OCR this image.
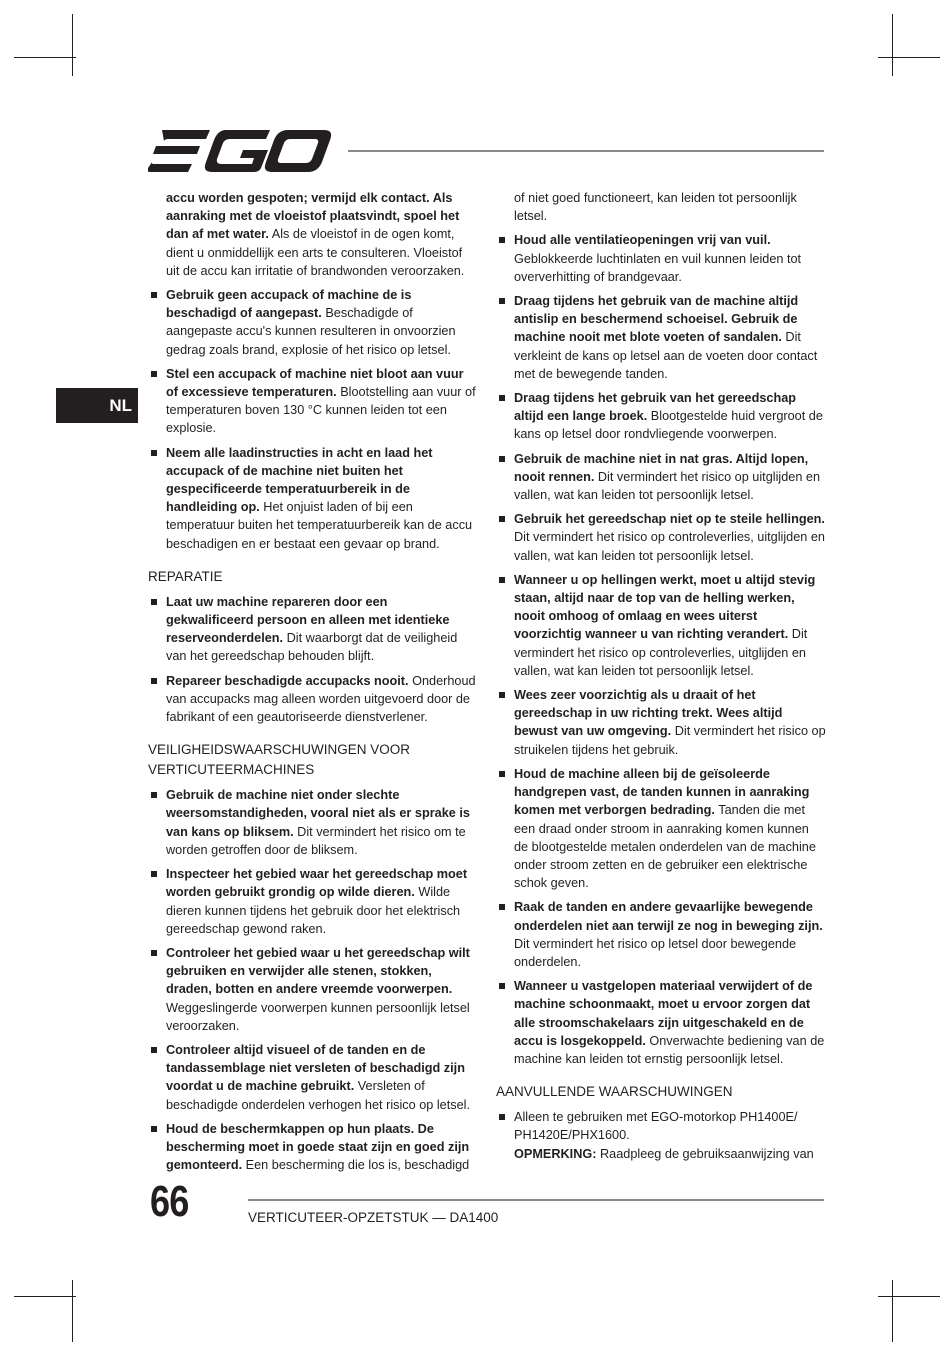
NL

accu worden gespoten; vermijd elk contact. Als aanraking met de vloeistof plaatsvindt, spoel het dan af met water. Als de vloeistof in de ogen komt, dient u onmiddellijk een arts te consulteren. Vloeistof uit de accu kan irritatie of brandwonden veroorzaken.

Gebruik geen accupack of machine de is beschadigd of aangepast. Beschadigde of aangepaste accu's kunnen resulteren in onvoorzien gedrag zoals brand, explosie of het risico op letsel.
Stel een accupack of machine niet bloot aan vuur of excessieve temperaturen. Blootstelling aan vuur of temperaturen boven 130 °C kunnen leiden tot een explosie.
Neem alle laadinstructies in acht en laad het accupack of de machine niet buiten het gespecificeerde temperatuurbereik in de handleiding op. Het onjuist laden of bij een temperatuur buiten het temperatuurbereik kan de accu beschadigen en er bestaat een gevaar op brand.
REPARATIE
Laat uw machine repareren door een gekwalificeerd persoon en alleen met identieke reserveonderdelen. Dit waarborgt dat de veiligheid van het gereedschap behouden blijft.
Repareer beschadigde accupacks nooit. Onderhoud van accupacks mag alleen worden uitgevoerd door de fabrikant of een geautoriseerde dienstverlener.
VEILIGHEIDSWAARSCHUWINGEN VOOR VERTICUTEERMACHINES
Gebruik de machine niet onder slechte weersomstandigheden, vooral niet als er sprake is van kans op bliksem. Dit vermindert het risico om te worden getroffen door de bliksem.
Inspecteer het gebied waar het gereedschap moet worden gebruikt grondig op wilde dieren. Wilde dieren kunnen tijdens het gebruik door het elektrisch gereedschap gewond raken.
Controleer het gebied waar u het gereedschap wilt gebruiken en verwijder alle stenen, stokken, draden, botten en andere vreemde voorwerpen. Weggeslingerde voorwerpen kunnen persoonlijk letsel veroorzaken.
Controleer altijd visueel of de tanden en de tandassemblage niet versleten of beschadigd zijn voordat u de machine gebruikt. Versleten of beschadigde onderdelen verhogen het risico op letsel.
Houd de beschermkappen op hun plaats. De bescherming moet in goede staat zijn en goed zijn gemonteerd. Een bescherming die los is, beschadigd

of niet goed functioneert, kan leiden tot persoonlijk letsel.

Houd alle ventilatieopeningen vrij van vuil. Geblokkeerde luchtinlaten en vuil kunnen leiden tot oververhitting of brandgevaar.
Draag tijdens het gebruik van de machine altijd antislip en beschermend schoeisel. Gebruik de machine nooit met blote voeten of sandalen. Dit verkleint de kans op letsel aan de voeten door contact met de bewegende tanden.
Draag tijdens het gebruik van het gereedschap altijd een lange broek. Blootgestelde huid vergroot de kans op letsel door rondvliegende voorwerpen.
Gebruik de machine niet in nat gras. Altijd lopen, nooit rennen. Dit vermindert het risico op uitglijden en vallen, wat kan leiden tot persoonlijk letsel.
Gebruik het gereedschap niet op te steile hellingen. Dit vermindert het risico op controleverlies, uitglijden en vallen, wat kan leiden tot persoonlijk letsel.
Wanneer u op hellingen werkt, moet u altijd stevig staan, altijd naar de top van de helling werken, nooit omhoog of omlaag en wees uiterst voorzichtig wanneer u van richting verandert. Dit vermindert het risico op controleverlies, uitglijden en vallen, wat kan leiden tot persoonlijk letsel.
Wees zeer voorzichtig als u draait of het gereedschap in uw richting trekt. Wees altijd bewust van uw omgeving. Dit vermindert het risico op struikelen tijdens het gebruik.
Houd de machine alleen bij de geïsoleerde handgrepen vast, de tanden kunnen in aanraking komen met verborgen bedrading. Tanden die met een draad onder stroom in aanraking komen kunnen de blootgestelde metalen onderdelen van de machine onder stroom zetten en de gebruiker een elektrische schok geven.
Raak de tanden en andere gevaarlijke bewegende onderdelen niet aan terwijl ze nog in beweging zijn. Dit vermindert het risico op letsel door bewegende onderdelen.
Wanneer u vastgelopen materiaal verwijdert of de machine schoonmaakt, moet u ervoor zorgen dat alle stroomschakelaars zijn uitgeschakeld en de accu is losgekoppeld. Onverwachte bediening van de machine kan leiden tot ernstig persoonlijk letsel.
AANVULLENDE WAARSCHUWINGEN
Alleen te gebruiken met EGO-motorkop PH1400E/ PH1420E/PHX1600.
OPMERKING: Raadpleeg de gebruiksaanwijzing van
66	VERTICUTEER-OPZETSTUK — DA1400
